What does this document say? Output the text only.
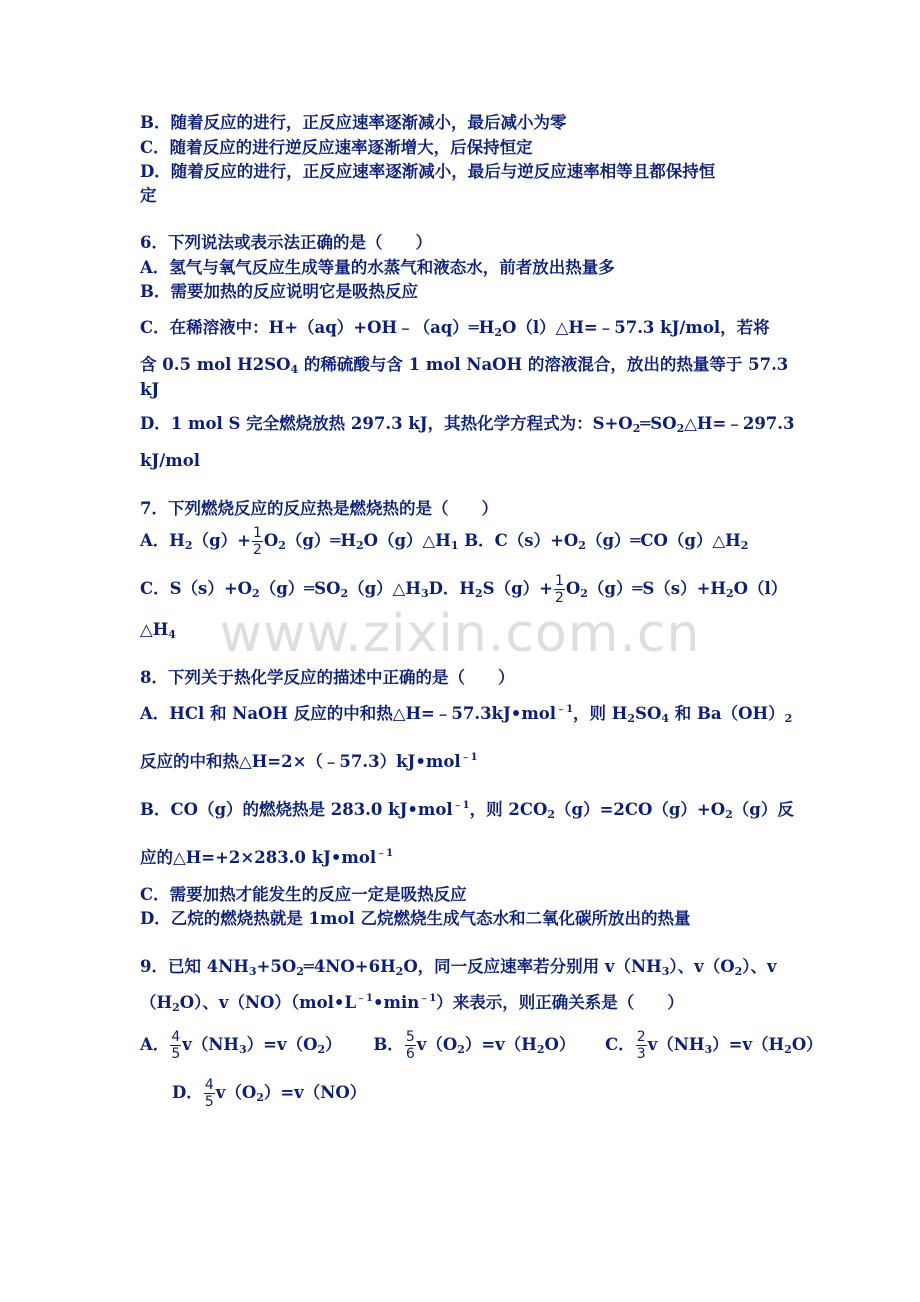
www.zixin.com.cn
B．随着反应的进行，正反应速率逐渐减小，最后减小为零
C．随着反应的进行逆反应速率逐渐增大，后保持恒定
D．随着反应的进行，正反应速率逐渐减小，最后与逆反应速率相等且都保持恒
定
6．下列说法或表示法正确的是（　　）
A．氢气与氧气反应生成等量的水蒸气和液态水，前者放出热量多
B．需要加热的反应说明它是吸热反应
C．在稀溶液中：$H+(aq)+OH﹣(aq)═H_2O(l)\triangle H=﹣57.3$ kJ/mol，若将
含 0.5 mol $H2SO_4$ 的稀硫酸与含 1 mol NaOH 的溶液混合，放出的热量等于 57.3
kJ
D．1 mol S 完全燃烧放热 297.3 kJ，其热化学方程式为：$S+O_2═SO_2\triangle H=﹣297.3$
kJ/mol
7．下列燃烧反应的反应热是燃烧热的是（　　）
A．$H_2(g)+ \frac{1}{2}$ $O_2(g)═H_2O(g)\triangle H_1$ B．$C(s)+O_2(g)═CO(g)\triangle H_2$
C．$S(s)+O_2(g)═SO_2(g)\triangle H_3D$．$H_2S(g)+ \frac{1}{2}$ $O_2(g)═S(s)+H_2O(l)$
$\triangle H_4$
8．下列关于热化学反应的描述中正确的是（　　）
A．HCl 和 NaOH 反应的中和热△H=﹣57.3kJ•mol$^{﹣1}$，则 $H_2SO_4$ 和 $Ba(OH)_2$
反应的中和热△H=2×（﹣57.3）kJ•mol$^{﹣1}$
B．CO（g）的燃烧热是 283.0 kJ•mol$^{﹣1}$，则 $2CO_2(g)=2CO(g)+O_2(g)$反
应的△H=+2×283.0 kJ•mol$^{﹣1}$
C．需要加热才能发生的反应一定是吸热反应
D．乙烷的燃烧热就是 1mol 乙烷燃烧生成气态水和二氧化碳所放出的热量
9．已知 $4NH_3+5O_2═4NO+6H_2O$，同一反应速率若分别用 $v(NH_3)$、$v(O_2)$、v
$(H_2O)$、$v(NO)(mol•L^{﹣1}•\min^{﹣1})$来表示，则正确关系是（　　）
A． $\frac{4}{5} v(NH_3)=v(O_2)$ B． $\frac{5}{6} v(O_2)=v(H_2O)$ C． $\frac{2}{3} v(NH_3)=v(H_2O)$
D． $\frac{4}{5} v(O_2)=v(NO)$
